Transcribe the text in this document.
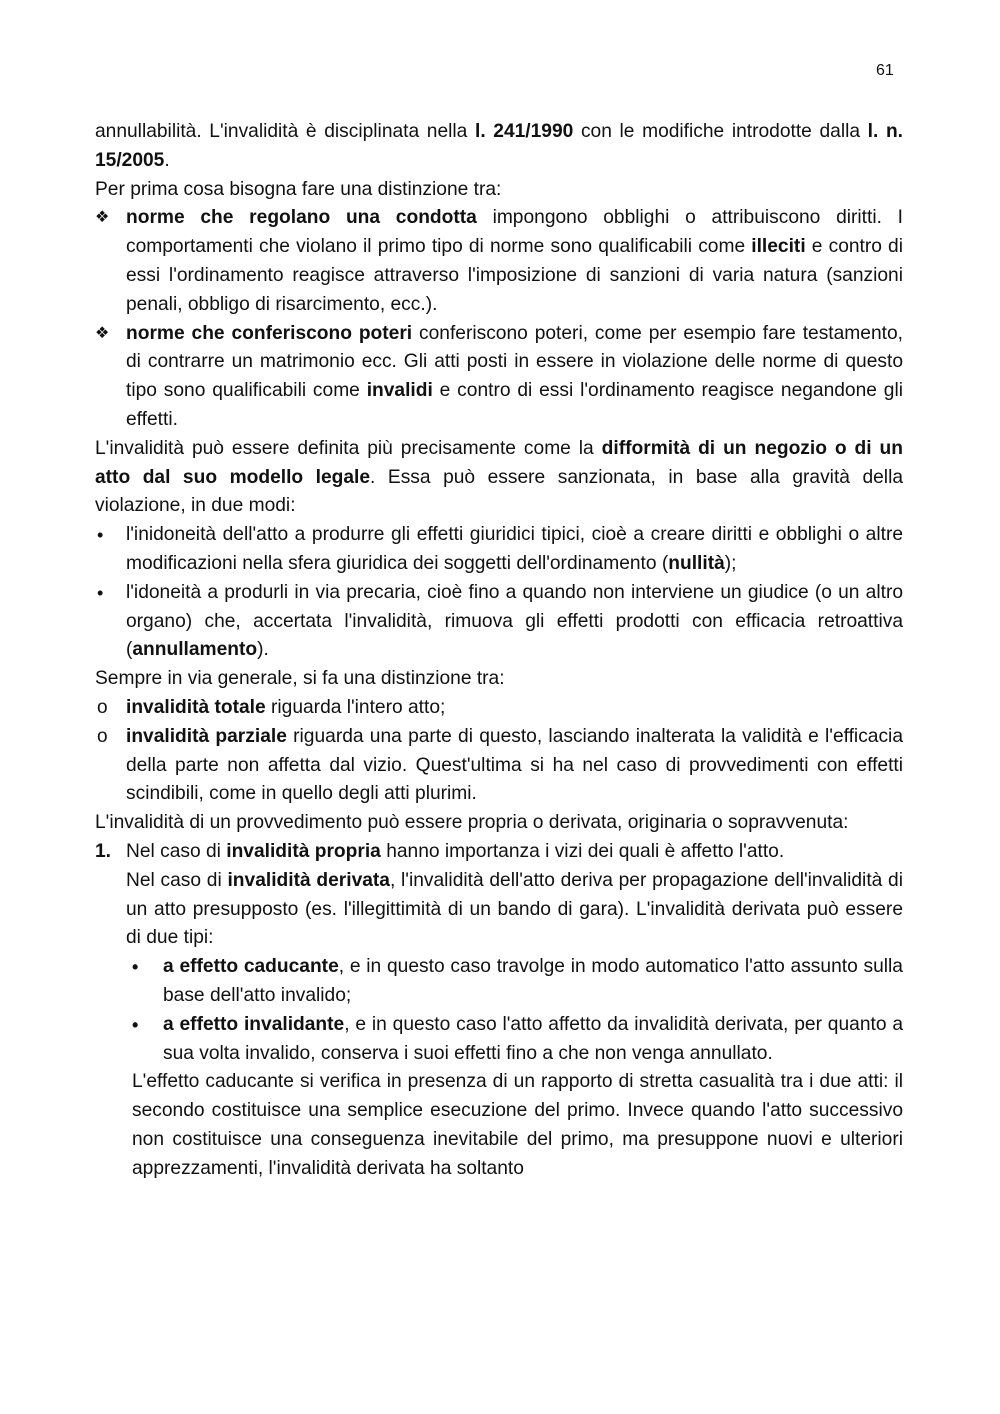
61

annullabilità. L'invalidità è disciplinata nella l. 241/1990 con le modifiche introdotte dalla l. n. 15/2005.

Per prima cosa bisogna fare una distinzione tra:

❖ norme che regolano una condotta impongono obblighi o attribuiscono diritti. I comportamenti che violano il primo tipo di norme sono qualificabili come illeciti e contro di essi l'ordinamento reagisce attraverso l'imposizione di sanzioni di varia natura (sanzioni penali, obbligo di risarcimento, ecc.).
❖ norme che conferiscono poteri conferiscono poteri, come per esempio fare testamento, di contrarre un matrimonio ecc. Gli atti posti in essere in violazione delle norme di questo tipo sono qualificabili come invalidi e contro di essi l'ordinamento reagisce negandone gli effetti.

L'invalidità può essere definita più precisamente come la difformità di un negozio o di un atto dal suo modello legale. Essa può essere sanzionata, in base alla gravità della violazione, in due modi:

•	l'inidoneità dell'atto a produrre gli effetti giuridici tipici, cioè a creare diritti e obblighi o altre modificazioni nella sfera giuridica dei soggetti dell'ordinamento (nullità);
•	l'idoneità a produrli in via precaria, cioè fino a quando non interviene un giudice (o un altro organo) che, accertata l'invalidità, rimuova gli effetti prodotti con efficacia retroattiva (annullamento).

Sempre in via generale, si fa una distinzione tra:

o invalidità totale riguarda l'intero atto;
o invalidità parziale riguarda una parte di questo, lasciando inalterata la validità e l'efficacia della parte non affetta dal vizio. Quest'ultima si ha nel caso di provvedimenti con effetti scindibili, come in quello degli atti plurimi.

L'invalidità di un provvedimento può essere propria o derivata, originaria o sopravvenuta:

1. Nel caso di invalidità propria hanno importanza i vizi dei quali è affetto l'atto.
Nel caso di invalidità derivata, l'invalidità dell'atto deriva per propagazione dell'invalidità di un atto presupposto (es. l'illegittimità di un bando di gara). L'invalidità derivata può essere di due tipi:
•	a effetto caducante, e in questo caso travolge in modo automatico l'atto assunto sulla base dell'atto invalido;
•	a effetto invalidante, e in questo caso l'atto affetto da invalidità derivata, per quanto a sua volta invalido, conserva i suoi effetti fino a che non venga annullato.

L'effetto caducante si verifica in presenza di un rapporto di stretta casualità tra i due atti: il secondo costituisce una semplice esecuzione del primo. Invece quando l'atto successivo non costituisce una conseguenza inevitabile del primo, ma presuppone nuovi e ulteriori apprezzamenti, l'invalidità derivata ha soltanto
